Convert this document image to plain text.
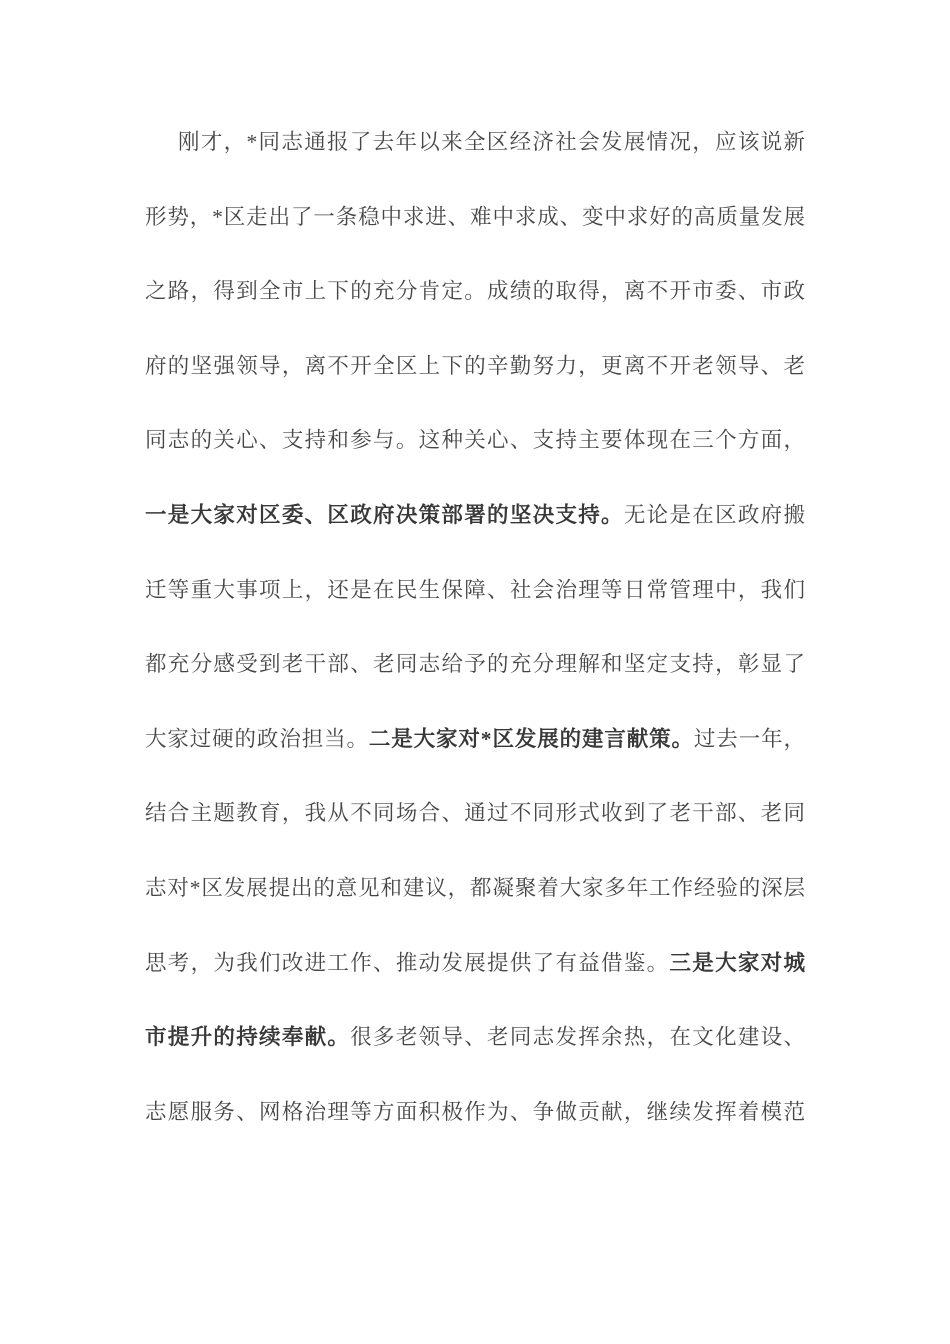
刚才，*同志通报了去年以来全区经济社会发展情况，应该说新
形势，*区走出了一条稳中求进、难中求成、变中求好的高质量发展
之路，得到全市上下的充分肯定。成绩的取得，离不开市委、市政
府的坚强领导，离不开全区上下的辛勤努力，更离不开老领导、老
同志的关心、支持和参与。这种关心、支持主要体现在三个方面，
一是大家对区委、区政府决策部署的坚决支持。无论是在区政府搬
迁等重大事项上，还是在民生保障、社会治理等日常管理中，我们
都充分感受到老干部、老同志给予的充分理解和坚定支持，彰显了
大家过硬的政治担当。二是大家对*区发展的建言献策。过去一年，
结合主题教育，我从不同场合、通过不同形式收到了老干部、老同
志对*区发展提出的意见和建议，都凝聚着大家多年工作经验的深层
思考，为我们改进工作、推动发展提供了有益借鉴。三是大家对城
市提升的持续奉献。很多老领导、老同志发挥余热，在文化建设、
志愿服务、网格治理等方面积极作为、争做贡献，继续发挥着模范
